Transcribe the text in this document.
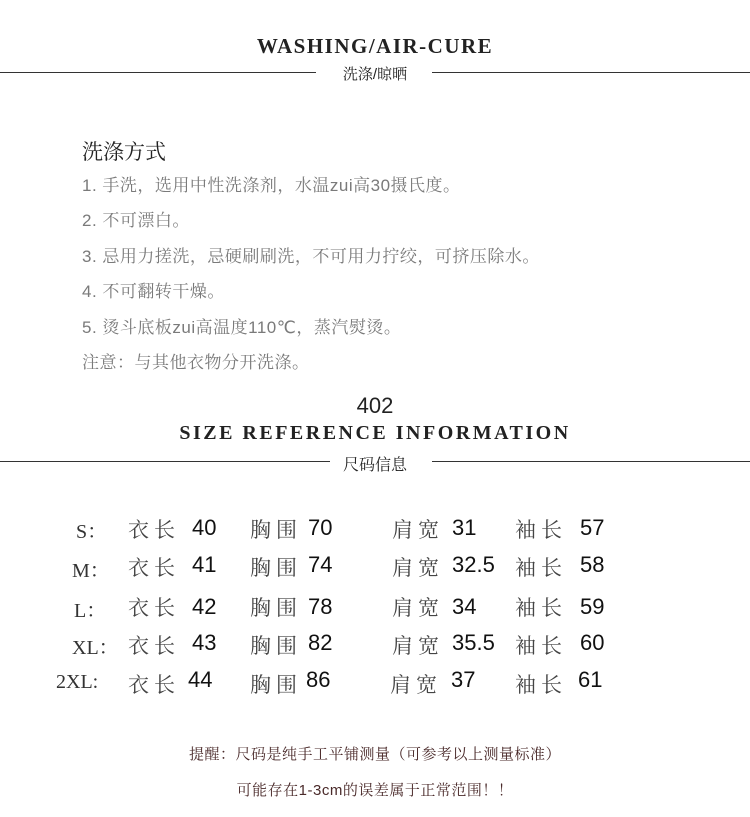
WASHING/AIR-CURE
洗涤/晾晒
洗涤方式
1. 手洗，选用中性洗涤剂，水温zui高30摄氏度。
2. 不可漂白。
3. 忌用力搓洗，忌硬刷刷洗，不可用力拧绞，可挤压除水。
4. 不可翻转干燥。
5. 烫斗底板zui高温度110℃，蒸汽熨烫。
注意：与其他衣物分开洗涤。
402
SIZE REFERENCE INFORMATION
尺码信息
S： 衣长 40 胸围 70	肩宽 31 袖长 57
M： 衣长 41 胸围 74	肩宽 32.5 袖长 58
L： 衣长 42 胸围 78	肩宽 34 袖长 59
XL： 衣长 43 胸围 82	肩宽 35.5 袖长 60
2XL: 衣长 44 胸围 86	肩宽 37 袖长 61
提醒：尺码是纯手工平铺测量（可参考以上测量标准）
可能存在1-3cm的误差属于正常范围！！
